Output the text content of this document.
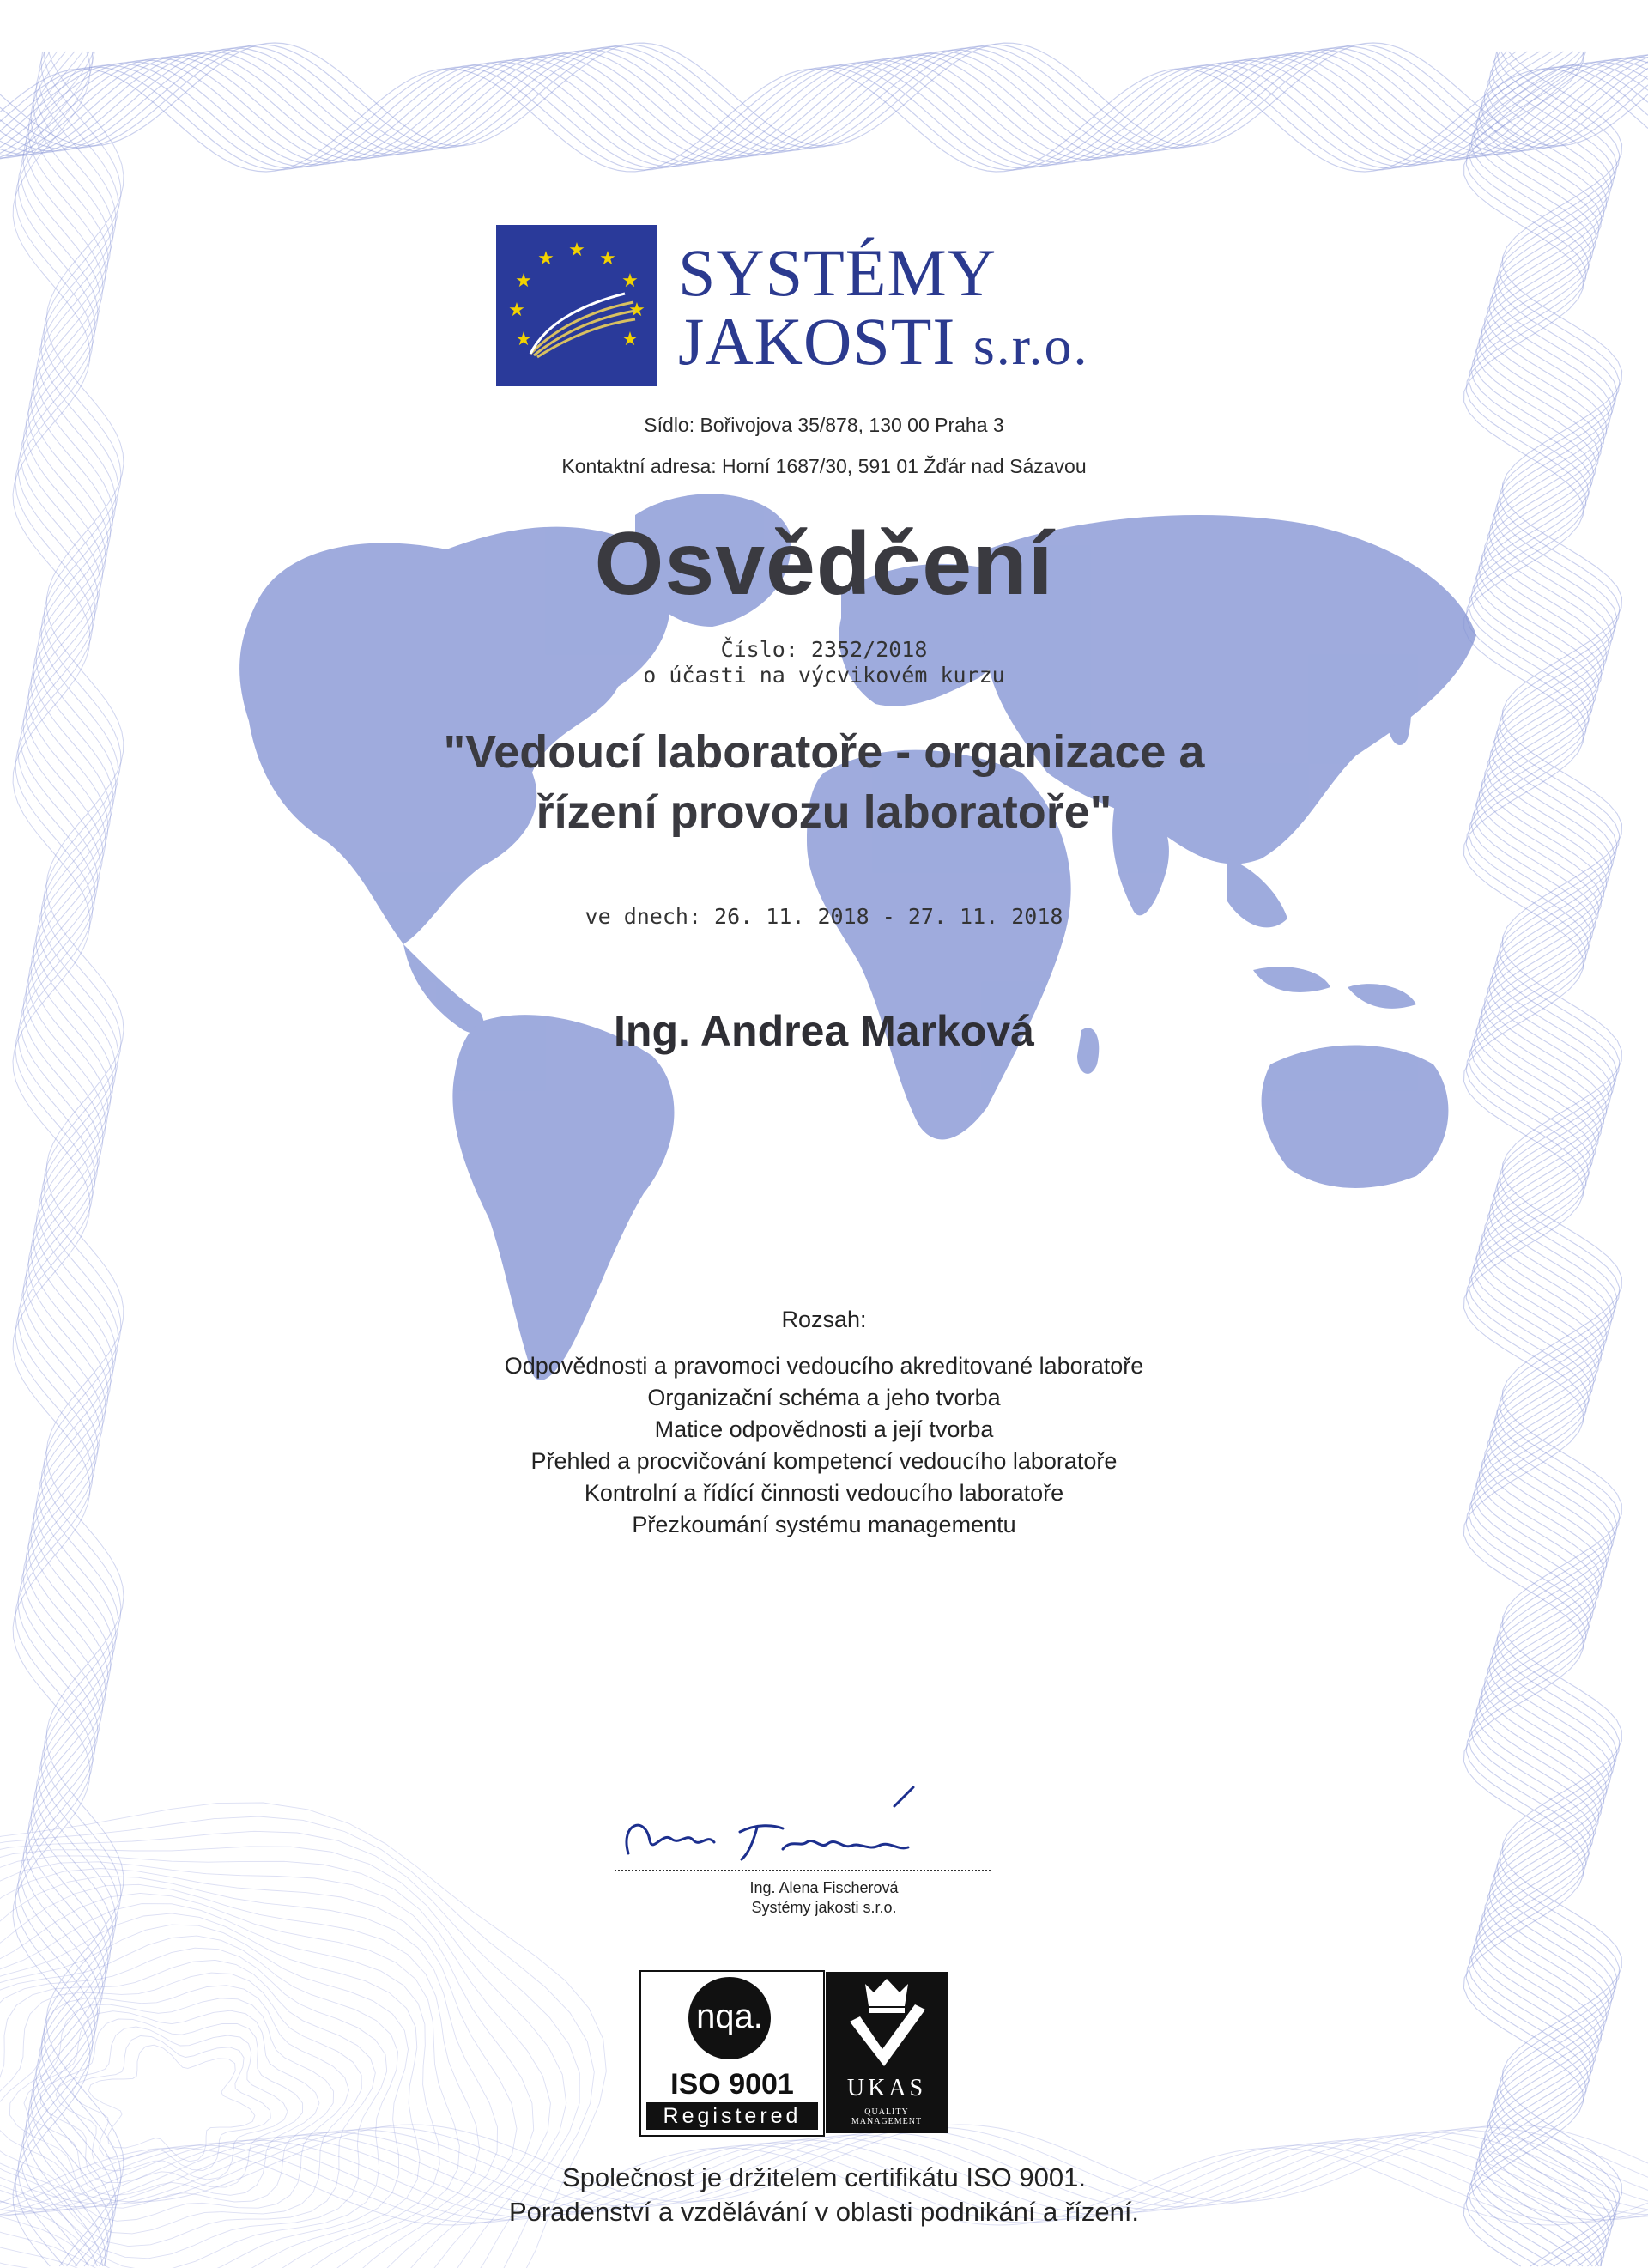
★ ★
★
★
★
★
★
★
★
SYSTÉMY
JAKOSTI s.r.o.
Sídlo: Bořivojova 35/878, 130 00 Praha 3
Kontaktní adresa: Horní 1687/30, 591 01 Žďár nad Sázavou
Osvědčení
Číslo: 2352/2018
o účasti na výcvikovém kurzu
"Vedoucí laboratoře - organizace a
řízení provozu laboratoře"
ve dnech: 26. 11. 2018 - 27. 11. 2018
Ing. Andrea Marková
Rozsah:
Odpovědnosti a pravomoci vedoucího akreditované laboratoře
Organizační schéma a jeho tvorba
Matice odpovědnosti a její tvorba
Přehled a procvičování kompetencí vedoucího laboratoře
Kontrolní a řídící činnosti vedoucího laboratoře
Přezkoumání systému managementu
Ing. Alena Fischerová
Systémy jakosti s.r.o.
nqa.
ISO 9001
Registered
UKAS
QUALITY
MANAGEMENT
Společnost je držitelem certifikátu ISO 9001.
Poradenství a vzdělávání v oblasti podnikání a řízení.
